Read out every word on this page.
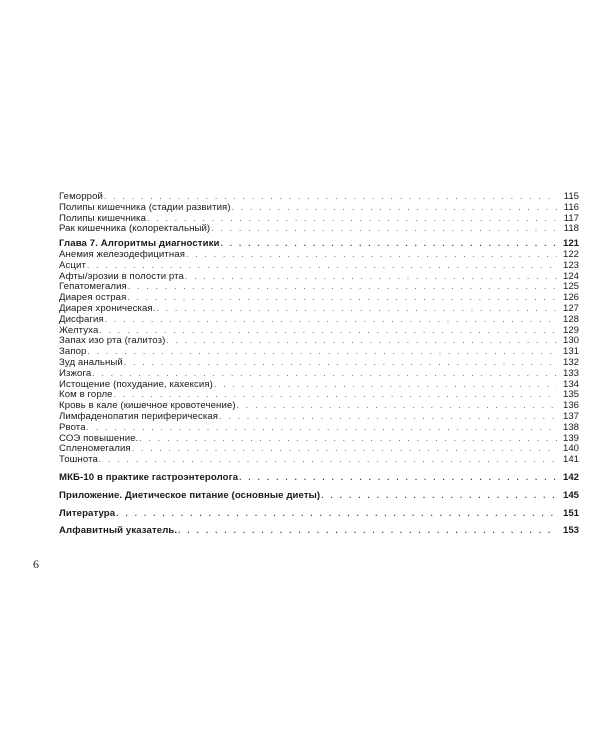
Геморрой . . .	115
Полипы кишечника (стадии развития) . . .	116
Полипы кишечника . . .	117
Рак кишечника (колоректальный) . . .	118
Глава 7. Алгоритмы диагностики . . .	121
Анемия железодефицитная . . .	122
Асцит . . .	123
Афты/эрозии в полости рта . . .	124
Гепатомегалия . . .	125
Диарея острая . . .	126
Диарея хроническая. . . .	127
Дисфагия . . .	128
Желтуха . . .	129
Запах изо рта (галитоз) . . .	130
Запор . . .	131
Зуд анальный . . .	132
Изжога . . .	133
Истощение (похудание, кахексия) . . .	134
Ком в горле . . .	135
Кровь в кале (кишечное кровотечение) . . .	136
Лимфаденопатия периферическая . . .	137
Рвота . . .	138
СОЭ повышение. . . .	139
Спленомегалия . . .	140
Тошнота . . .	141
МКБ-10 в практике гастроэнтеролога . . .	142
Приложение. Диетическое питание (основные диеты) . . .	145
Литература . . .	151
Алфавитный указатель. . . .	153
6
